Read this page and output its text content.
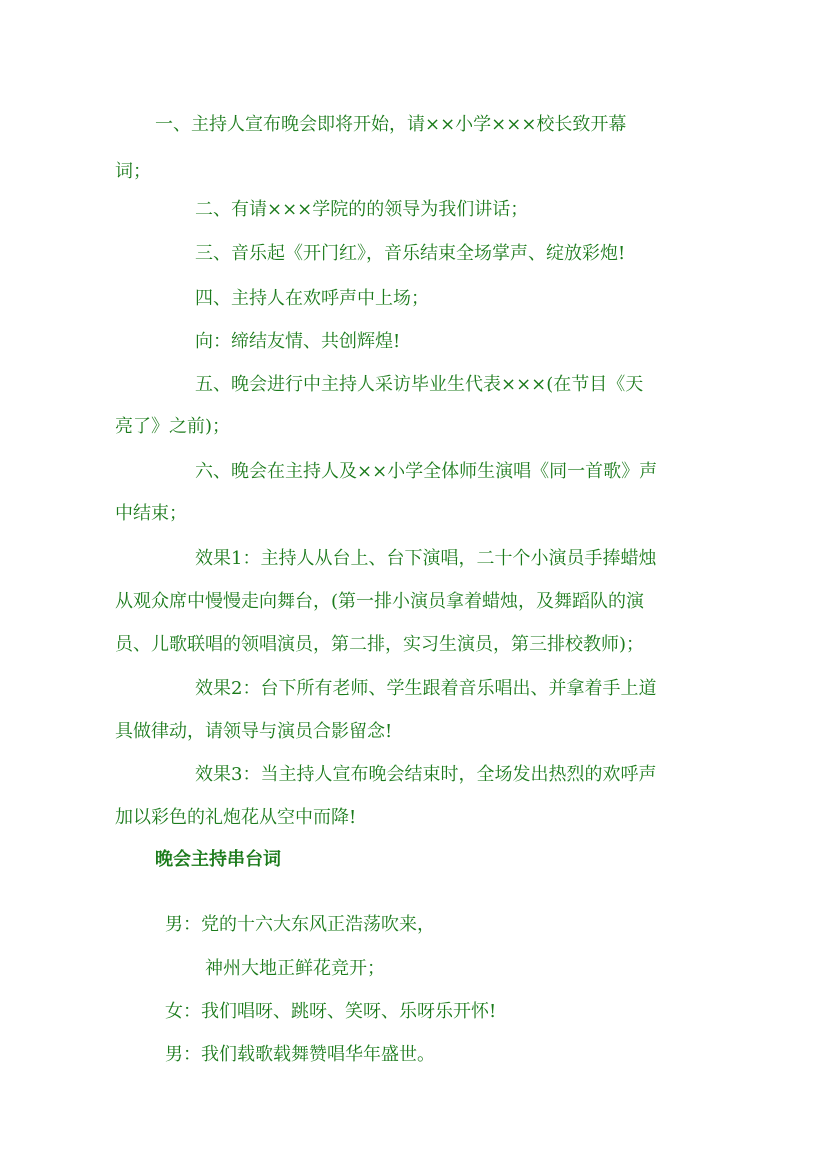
一、主持人宣布晚会即将开始，请××小学×××校长致开幕
词；
二、有请×××学院的的领导为我们讲话；
三、音乐起《开门红》，音乐结束全场掌声、绽放彩炮!
四、主持人在欢呼声中上场；
向：缔结友情、共创辉煌!
五、晚会进行中主持人采访毕业生代表×××(在节目《天
亮了》之前)；
六、晚会在主持人及××小学全体师生演唱《同一首歌》声
中结束；
效果1：主持人从台上、台下演唱，二十个小演员手捧蜡烛
从观众席中慢慢走向舞台，(第一排小演员拿着蜡烛，及舞蹈队的演
员、儿歌联唱的领唱演员，第二排，实习生演员，第三排校教师)；
效果2：台下所有老师、学生跟着音乐唱出、并拿着手上道
具做律动，请领导与演员合影留念!
效果3：当主持人宣布晚会结束时，全场发出热烈的欢呼声
加以彩色的礼炮花从空中而降!
晚会主持串台词
男：党的十六大东风正浩荡吹来，
神州大地正鲜花竞开；
女：我们唱呀、跳呀、笑呀、乐呀乐开怀!
男：我们载歌载舞赞唱华年盛世。
